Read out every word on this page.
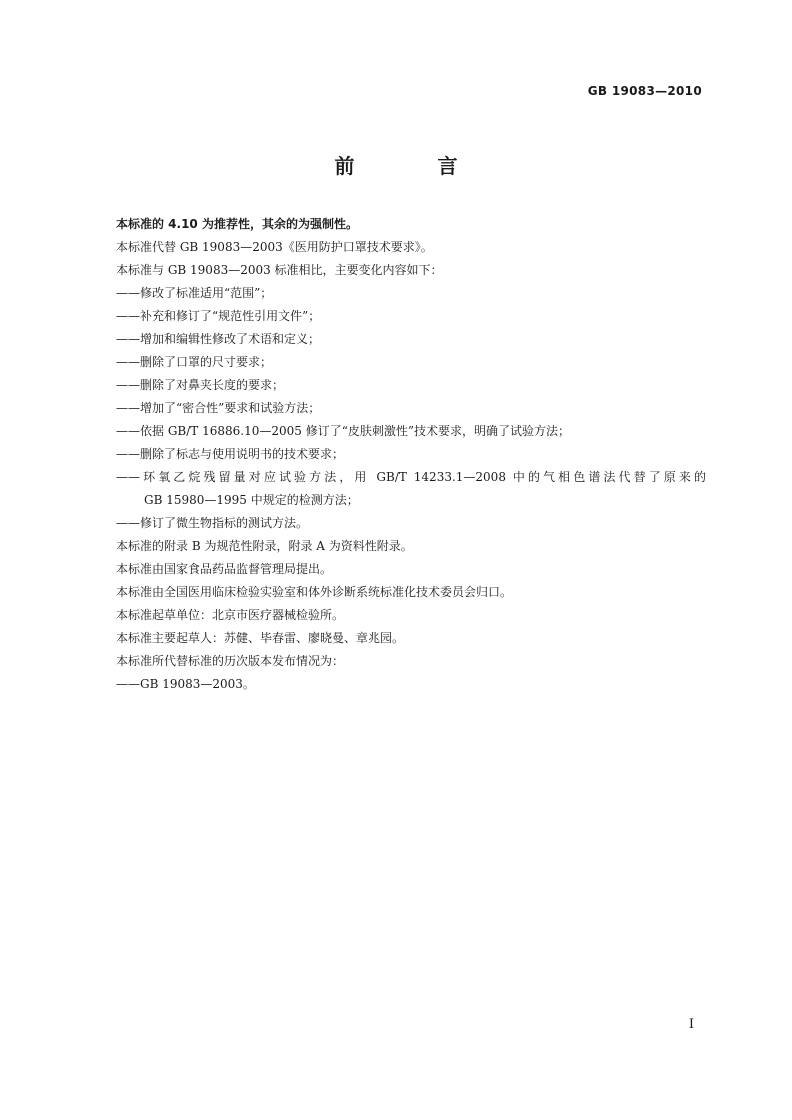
GB 19083—2010
前 言
本标准的 4.10 为推荐性，其余的为强制性。
本标准代替 GB 19083—2003《医用防护口罩技术要求》。
本标准与 GB 19083—2003 标准相比，主要变化内容如下：
——修改了标准适用“范围”；
——补充和修订了“规范性引用文件”；
——增加和编辑性修改了术语和定义；
——删除了口罩的尺寸要求；
——删除了对鼻夹长度的要求；
——增加了“密合性”要求和试验方法；
——依据 GB/T 16886.10—2005 修订了“皮肤刺激性”技术要求，明确了试验方法；
——删除了标志与使用说明书的技术要求；
——环氧乙烷残留量对应试验方法，用 GB/T 14233.1—2008 中的气相色谱法代替了原来的
GB 15980—1995 中规定的检测方法；
——修订了微生物指标的测试方法。
本标准的附录 B 为规范性附录，附录 A 为资料性附录。
本标准由国家食品药品监督管理局提出。
本标准由全国医用临床检验实验室和体外诊断系统标准化技术委员会归口。
本标准起草单位：北京市医疗器械检验所。
本标准主要起草人：苏健、毕春雷、廖晓曼、章兆园。
本标准所代替标准的历次版本发布情况为：
——GB 19083—2003。
I
